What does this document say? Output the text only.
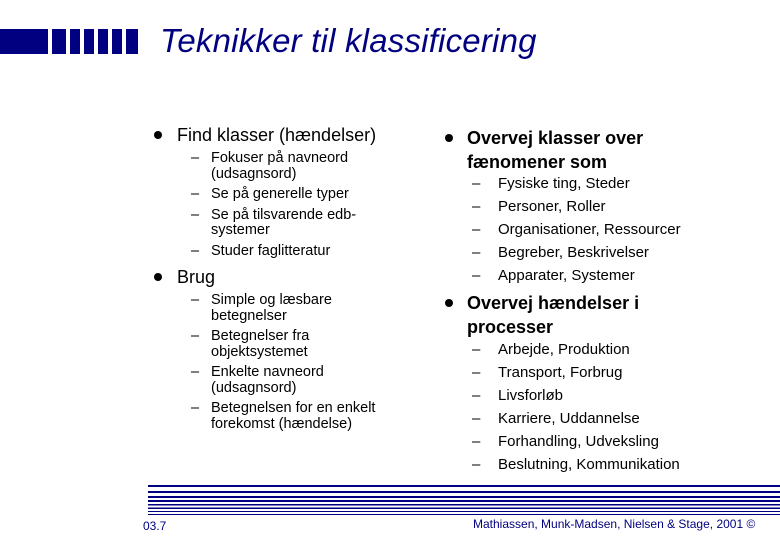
Teknikker til klassificering
Find klasser (hændelser)
– Fokuser på navneord
(udsagnsord)
– Se på generelle typer
– Se på tilsvarende edb-
systemer
– Studer faglitteratur
Brug
– Simple og læsbare
betegnelser
– Betegnelser fra
objektsystemet
– Enkelte navneord
(udsagnsord)
– Betegnelsen for en enkelt
forekomst (hændelse)
Overvej klasser over
fænomener som
– Fysiske ting, Steder
– Personer, Roller
– Organisationer, Ressourcer
– Begreber, Beskrivelser
– Apparater, Systemer
Overvej hændelser i
processer
– Arbejde, Produktion
– Transport, Forbrug
– Livsforløb
– Karriere, Uddannelse
– Forhandling, Udveksling
– Beslutning, Kommunikation
03.7	Mathiassen, Munk-Madsen, Nielsen & Stage, 2001 ©
